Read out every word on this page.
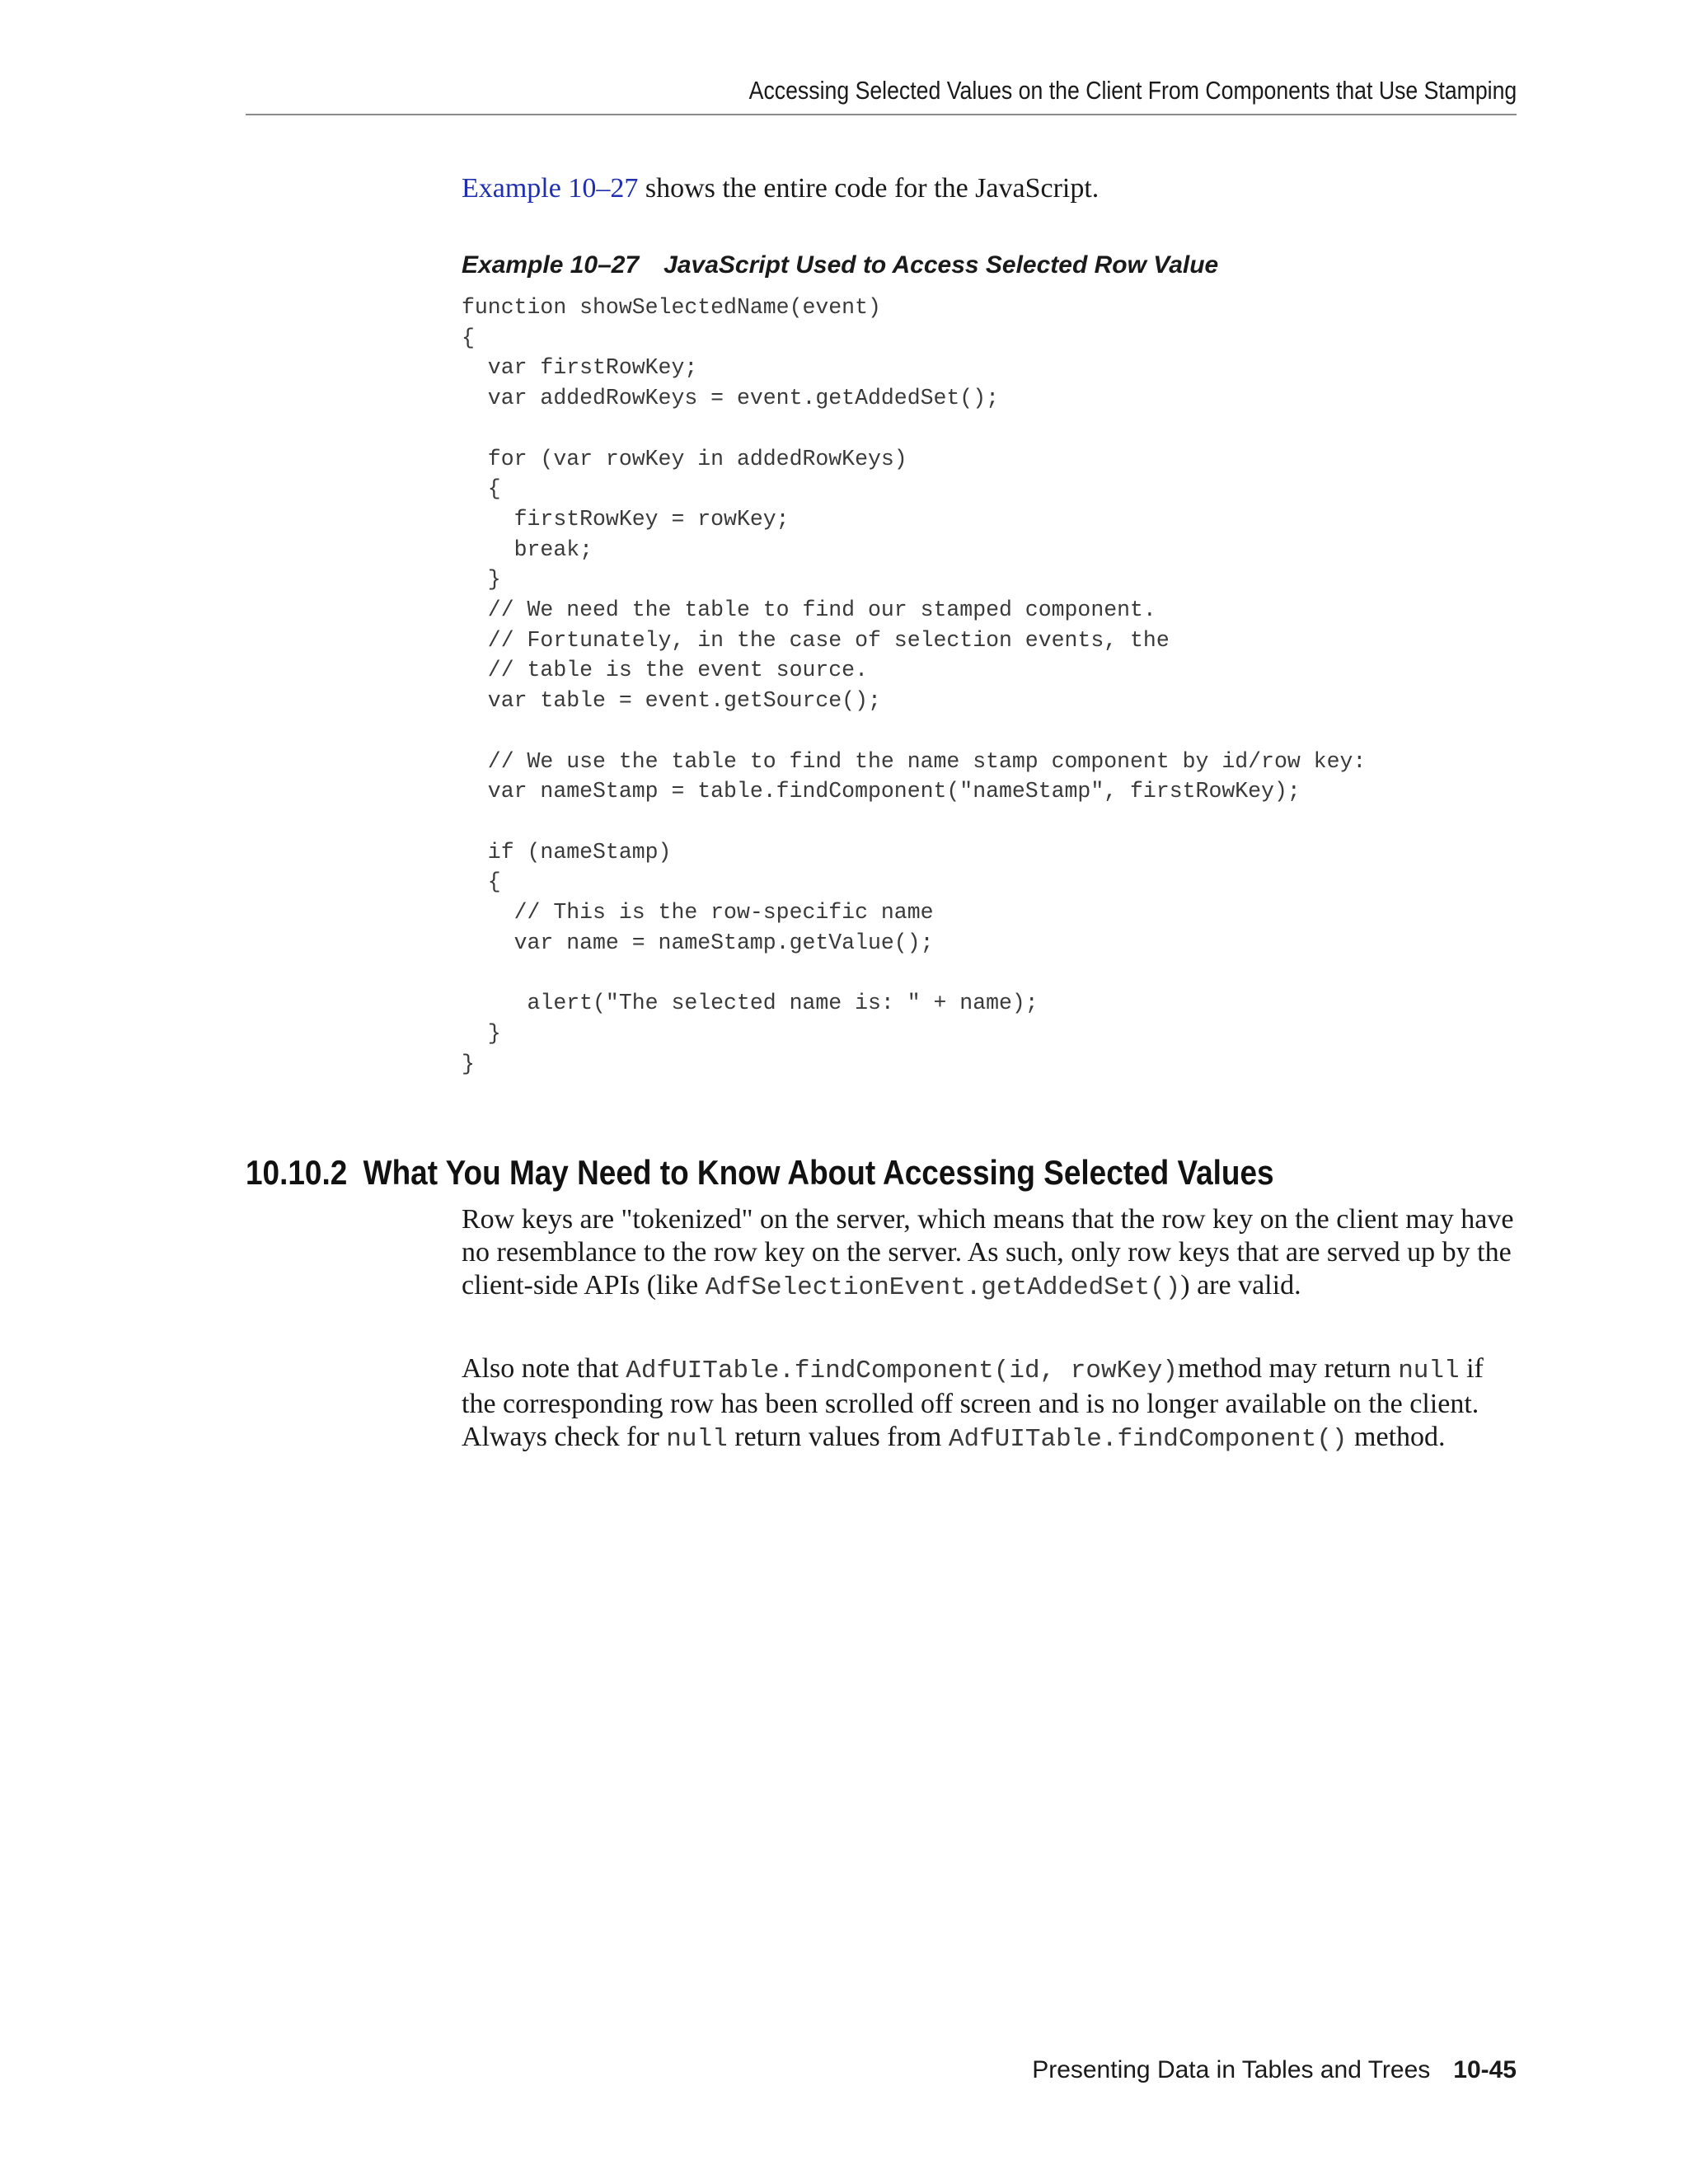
Accessing Selected Values on the Client From Components that Use Stamping

Example 10–27 shows the entire code for the JavaScript.

Example 10–27 JavaScript Used to Access Selected Row Value
function showSelectedName(event)
{
var firstRowKey;
var addedRowKeys = event.getAddedSet();

for (var rowKey in addedRowKeys)
{
firstRowKey = rowKey;
break;
}
// We need the table to find our stamped component.
// Fortunately, in the case of selection events, the
// table is the event source.
var table = event.getSource();

// We use the table to find the name stamp component by id/row key:
var nameStamp = table.findComponent("nameStamp", firstRowKey);

if (nameStamp)
{
// This is the row-specific name
var name = nameStamp.getValue();

alert("The selected name is: " + name);
}
}
10.10.2 What You May Need to Know About Accessing Selected Values

Row keys are "tokenized" on the server, which means that the row key on the client may have no resemblance to the row key on the server. As such, only row keys that are served up by the client-side APIs (like AdfSelectionEvent.getAddedSet()) are valid.

Also note that AdfUITable.findComponent(id, rowKey)method may return null if the corresponding row has been scrolled off screen and is no longer available on the client. Always check for null return values from AdfUITable.findComponent() method.

Presenting Data in Tables and Trees 10-45
